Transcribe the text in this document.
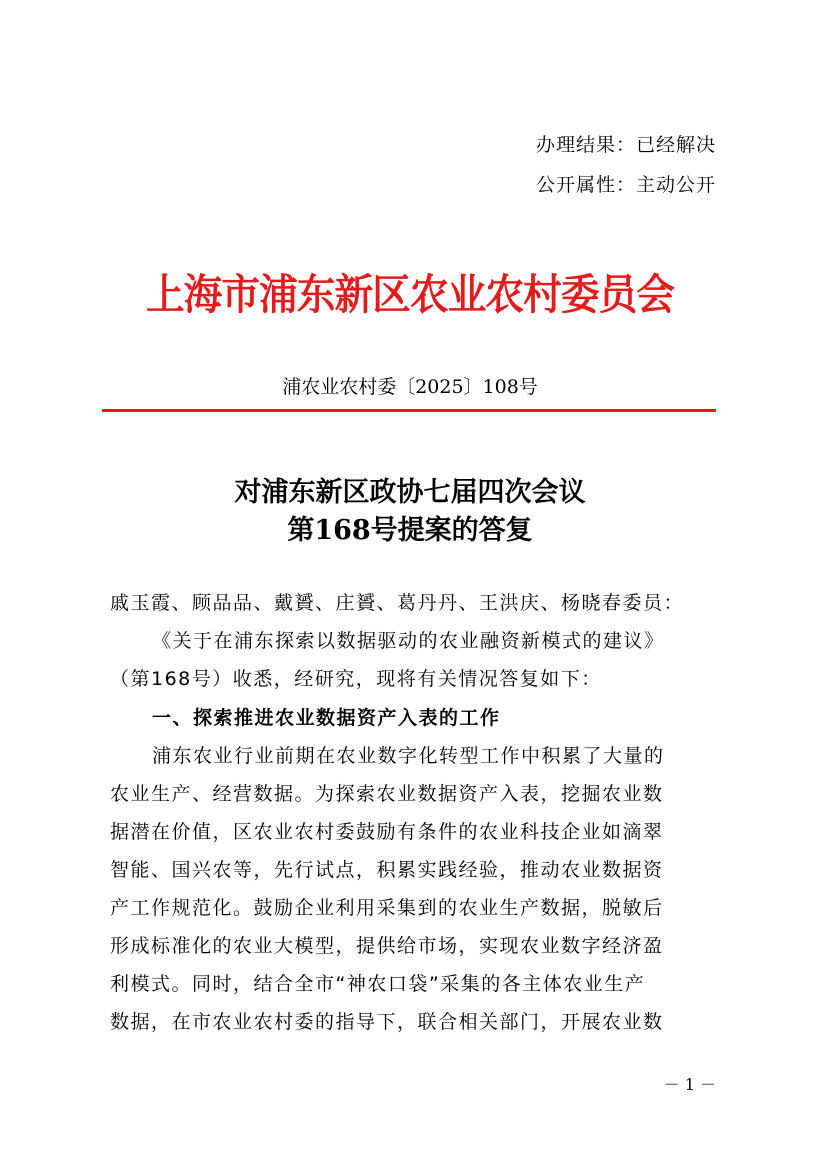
办理结果：已经解决
公开属性：主动公开
上海市浦东新区农业农村委员会
浦农业农村委〔2025〕108号
对浦东新区政协七届四次会议
第168号提案的答复
戚玉霞、顾品品、戴贇、庄贇、葛丹丹、王洪庆、杨晓春委员：
《关于在浦东探索以数据驱动的农业融资新模式的建议》
（第168号）收悉，经研究，现将有关情况答复如下：
一、探索推进农业数据资产入表的工作
浦东农业行业前期在农业数字化转型工作中积累了大量的
农业生产、经营数据。为探索农业数据资产入表，挖掘农业数
据潜在价值，区农业农村委鼓励有条件的农业科技企业如滴翠
智能、国兴农等，先行试点，积累实践经验，推动农业数据资
产工作规范化。鼓励企业利用采集到的农业生产数据，脱敏后
形成标准化的农业大模型，提供给市场，实现农业数字经济盈
利模式。同时，结合全市“神农口袋”采集的各主体农业生产
数据，在市农业农村委的指导下，联合相关部门，开展农业数
－ 1 －
